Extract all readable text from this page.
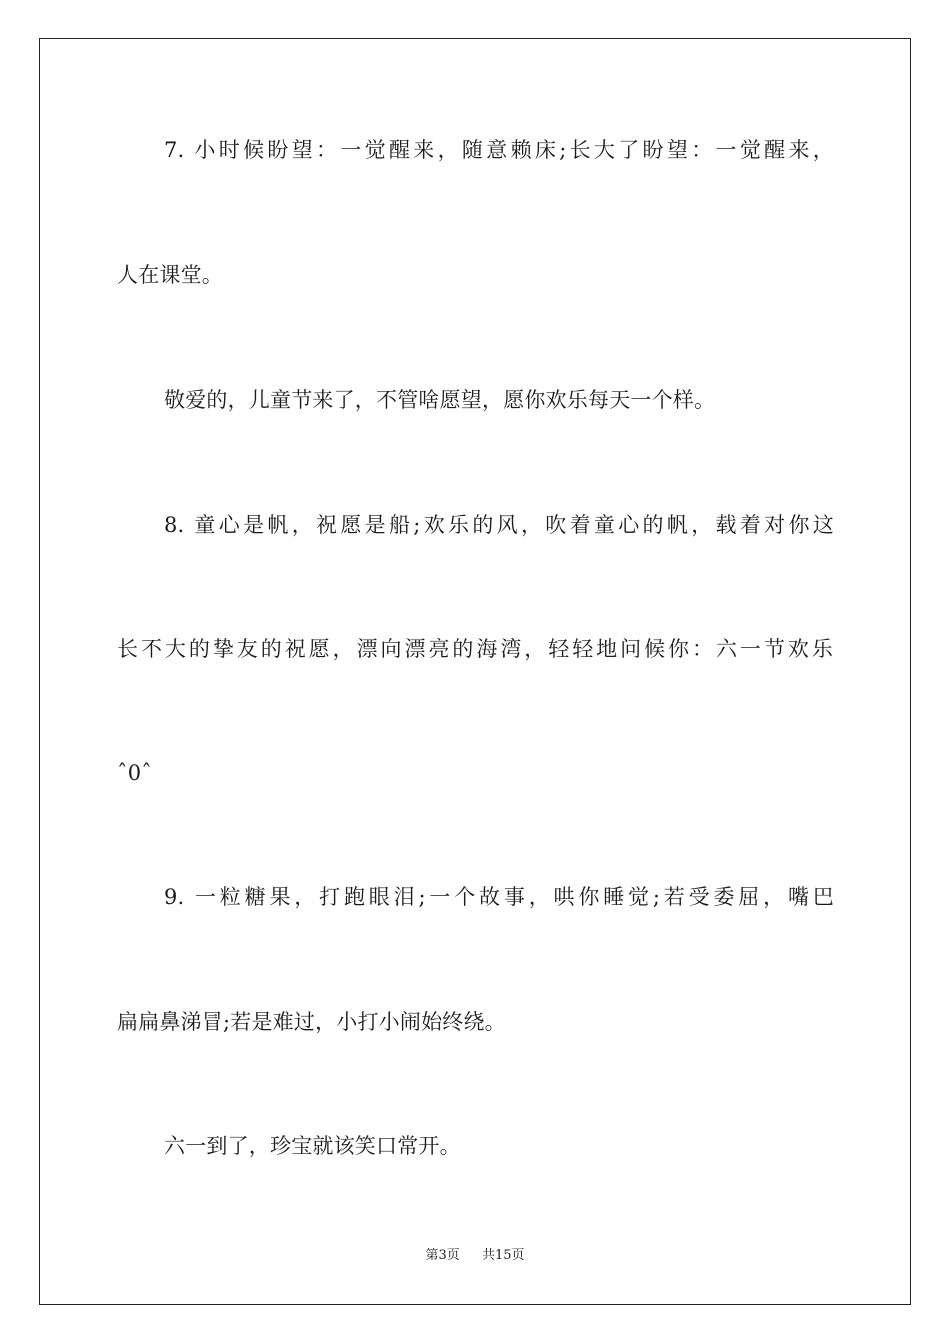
7. 小时候盼望：一觉醒来，随意赖床;长大了盼望：一觉醒来，
人在课堂。
敬爱的，儿童节来了，不管啥愿望，愿你欢乐每天一个样。
8. 童心是帆，祝愿是船;欢乐的风，吹着童心的帆，载着对你这
长不大的挚友的祝愿，漂向漂亮的海湾，轻轻地问候你：六一节欢乐
ˆ0ˆ
9. 一粒糖果，打跑眼泪;一个故事，哄你睡觉;若受委屈，嘴巴
扁扁鼻涕冒;若是难过，小打小闹始终绕。
六一到了，珍宝就该笑口常开。
第3页 共15页
